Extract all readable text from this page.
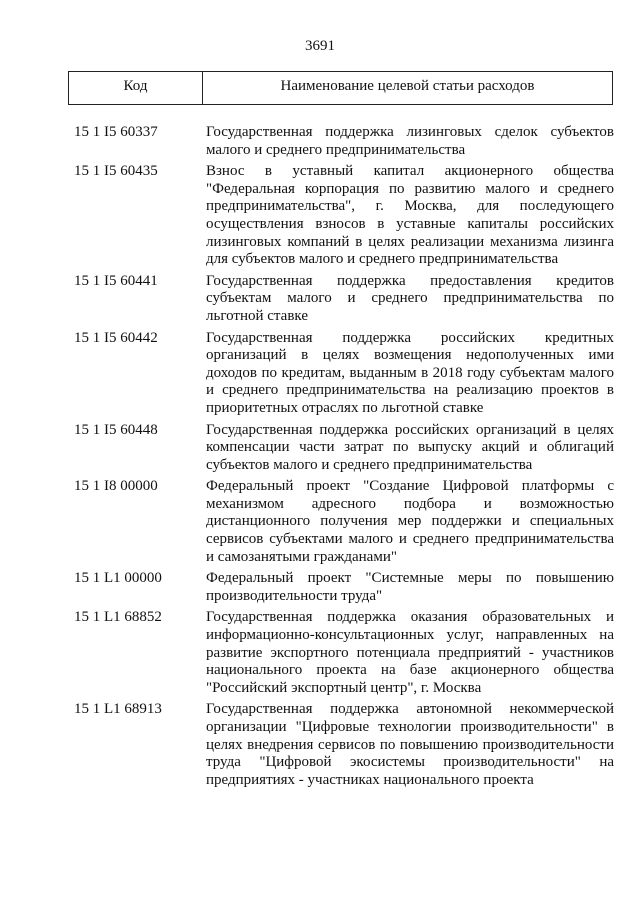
3691
Код	Наименование целевой статьи расходов
15 1 I5 60337	Государственная поддержка лизинговых сделок субъектов малого и среднего предпринимательства
15 1 I5 60435	Взнос в уставный капитал акционерного общества "Федеральная корпорация по развитию малого и среднего предпринимательства", г. Москва, для последующего осуществления взносов в уставные капиталы российских лизинговых компаний в целях реализации механизма лизинга для субъектов малого и среднего предпринимательства
15 1 I5 60441	Государственная поддержка предоставления кредитов субъектам малого и среднего предпринимательства по льготной ставке
15 1 I5 60442	Государственная поддержка российских кредитных организаций в целях возмещения недополученных ими доходов по кредитам, выданным в 2018 году субъектам малого и среднего предпринимательства на реализацию проектов в приоритетных отраслях по льготной ставке
15 1 I5 60448	Государственная поддержка российских организаций в целях компенсации части затрат по выпуску акций и облигаций субъектов малого и среднего предпринимательства
15 1 I8 00000	Федеральный проект "Создание Цифровой платформы с механизмом адресного подбора и возможностью дистанционного получения мер поддержки и специальных сервисов субъектами малого и среднего предпринимательства и самозанятыми гражданами"
15 1 L1 00000	Федеральный проект "Системные меры по повышению производительности труда"
15 1 L1 68852	Государственная поддержка оказания образовательных и информационно-консультационных услуг, направленных на развитие экспортного потенциала предприятий - участников национального проекта на базе акционерного общества "Российский экспортный центр", г. Москва
15 1 L1 68913	Государственная поддержка автономной некоммерческой организации "Цифровые технологии производительности" в целях внедрения сервисов по повышению производительности труда "Цифровой экосистемы производительности" на предприятиях - участниках национального проекта
